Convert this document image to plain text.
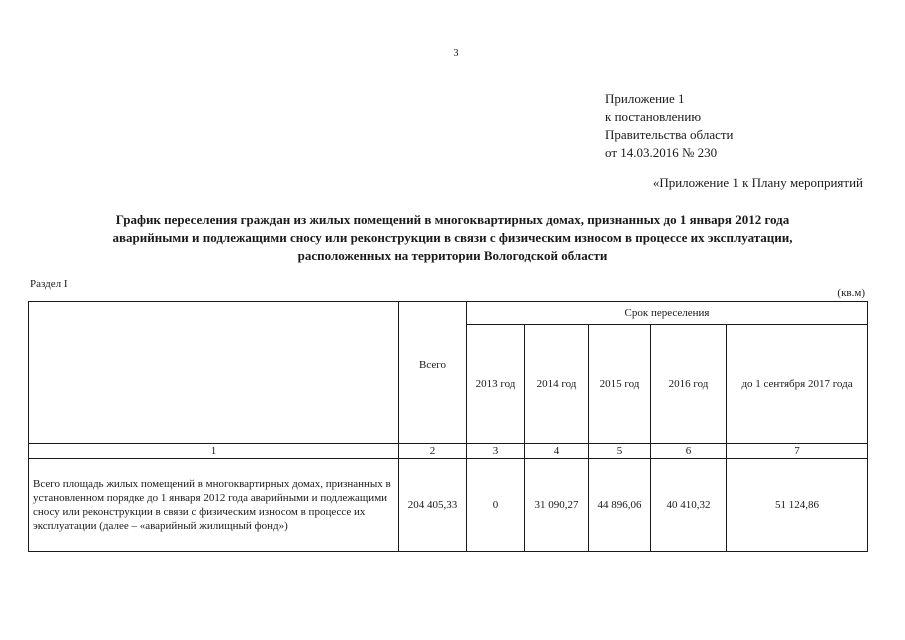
3
Приложение 1
к постановлению
Правительства области
от 14.03.2016 № 230
«Приложение 1 к Плану мероприятий
График переселения граждан из жилых помещений в многоквартирных домах, признанных до 1 января 2012 года
аварийными и подлежащими сносу или реконструкции в связи с физическим износом в процессе их эксплуатации,
расположенных на территории Вологодской области
Раздел I
(кв.м)
	Всего	Срок переселения				
		2013 год	2014 год	2015 год	2016 год	до 1 сентября 2017 года
1	2	3	4	5	6	7
Всего площадь жилых помещений в многоквартирных домах, признанных в установленном порядке до 1 января 2012 года аварийными и подлежащими сносу или реконструкции в связи с физическим износом в процессе их эксплуатации (далее – «аварийный жилищный фонд»)	204 405,33	0	31 090,27	44 896,06	40 410,32	51 124,86
